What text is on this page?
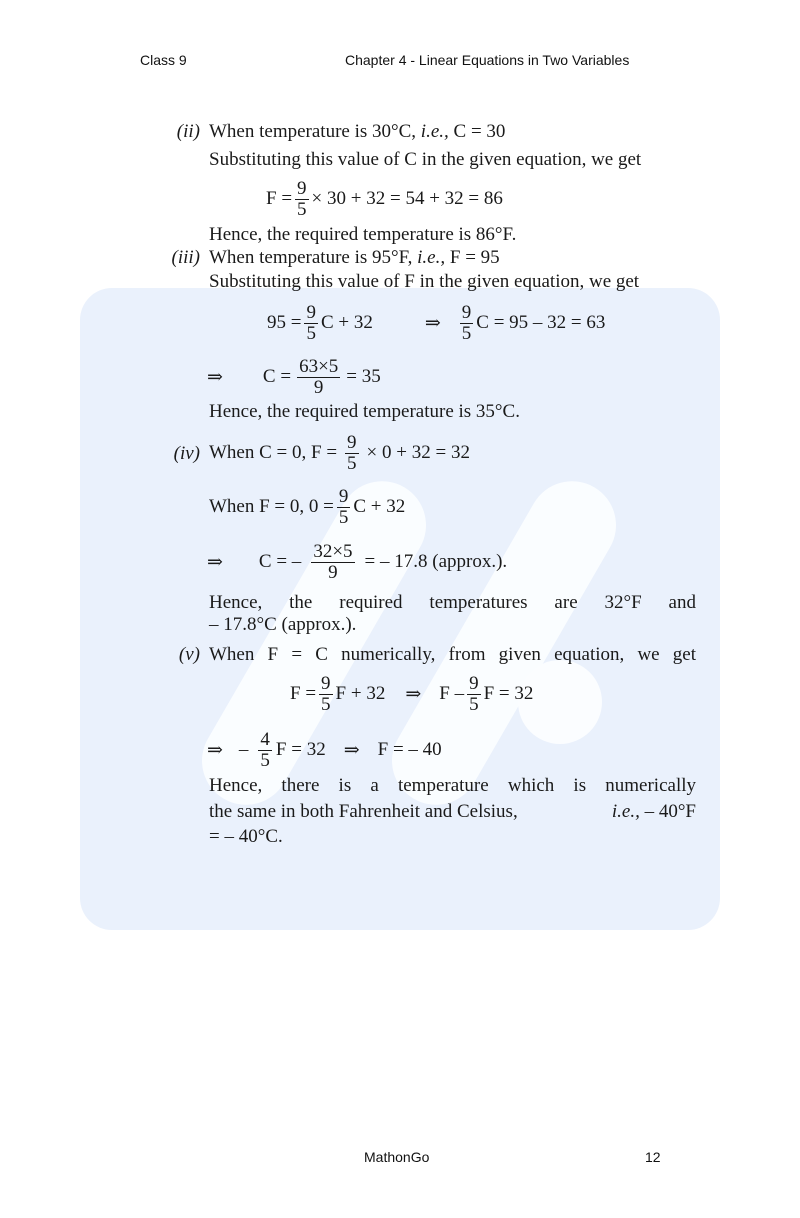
Class 9	Chapter 4 - Linear Equations in Two Variables
(ii) When temperature is 30°C, i.e., C = 30
Substituting this value of C in the given equation, we get
$F = \frac{9}{5} \times 30 + 32 = 54 + 32 = 86$
Hence, the required temperature is 86°F.
(iii) When temperature is 95°F, i.e., F = 95
Substituting this value of F in the given equation, we get
$95 = \frac{9}{5}$ C + 32	⇒ $\frac{9}{5}$ C = 95 – 32 = 63
⇒ $C = \frac{63\times 5}{9} = 35$
Hence, the required temperature is 35°C.
(iv) When C = 0, $F = \frac{9}{5} \times 0 + 32 = 32$
When F = 0, $0 = \frac{9}{5}$ C + 32
⇒ C = – $\frac{32\times 5}{9}$ = – 17.8 (approx.).
Hence, the required temperatures are 32°F and
– 17.8°C (approx.).
(v) When F = C numerically, from given equation, we get
$F = \frac{9}{5}$ F + 32 ⇒ F – $\frac{9}{5}$ F = 32
⇒ – $\frac{4}{5}$ F = 32 ⇒ F = – 40
Hence, there is a temperature which is numerically
the same in both Fahrenheit and Celsius,	i.e., – 40°F
= – 40°C.
MathonGo	12
